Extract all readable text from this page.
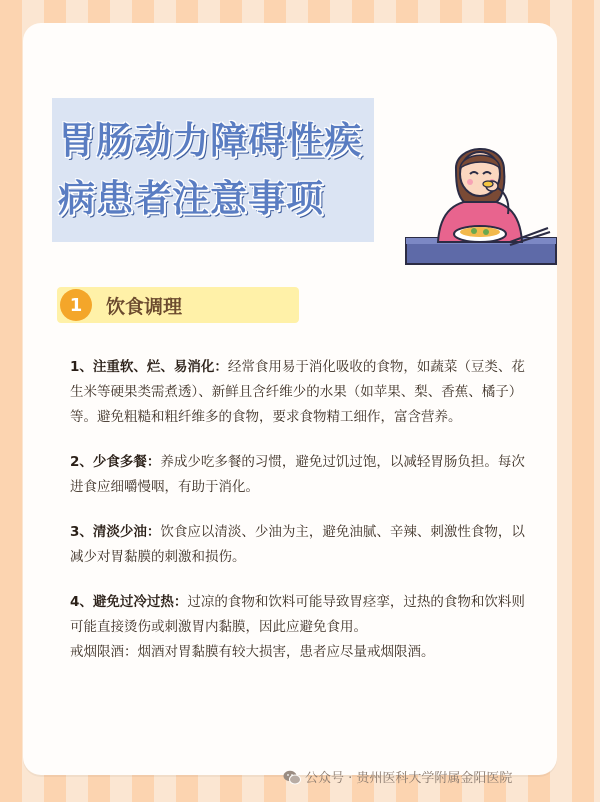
胃肠动力障碍性疾
病患者注意事项
1	饮食调理

1、注重软、烂、易消化：经常食用易于消化吸收的食物，如蔬菜（豆类、花生米等硬果类需煮透）、新鲜且含纤维少的水果（如苹果、梨、香蕉、橘子）等。避免粗糙和粗纤维多的食物，要求食物精工细作，富含营养。

2、少食多餐：养成少吃多餐的习惯，避免过饥过饱，以减轻胃肠负担。每次进食应细嚼慢咽，有助于消化。

3、清淡少油：饮食应以清淡、少油为主，避免油腻、辛辣、刺激性食物，以减少对胃黏膜的刺激和损伤。

4、避免过冷过热：过凉的食物和饮料可能导致胃痉挛，过热的食物和饮料则可能直接烫伤或刺激胃内黏膜，因此应避免食用。

戒烟限酒：烟酒对胃黏膜有较大损害，患者应尽量戒烟限酒。

公众号 · 贵州医科大学附属金阳医院
